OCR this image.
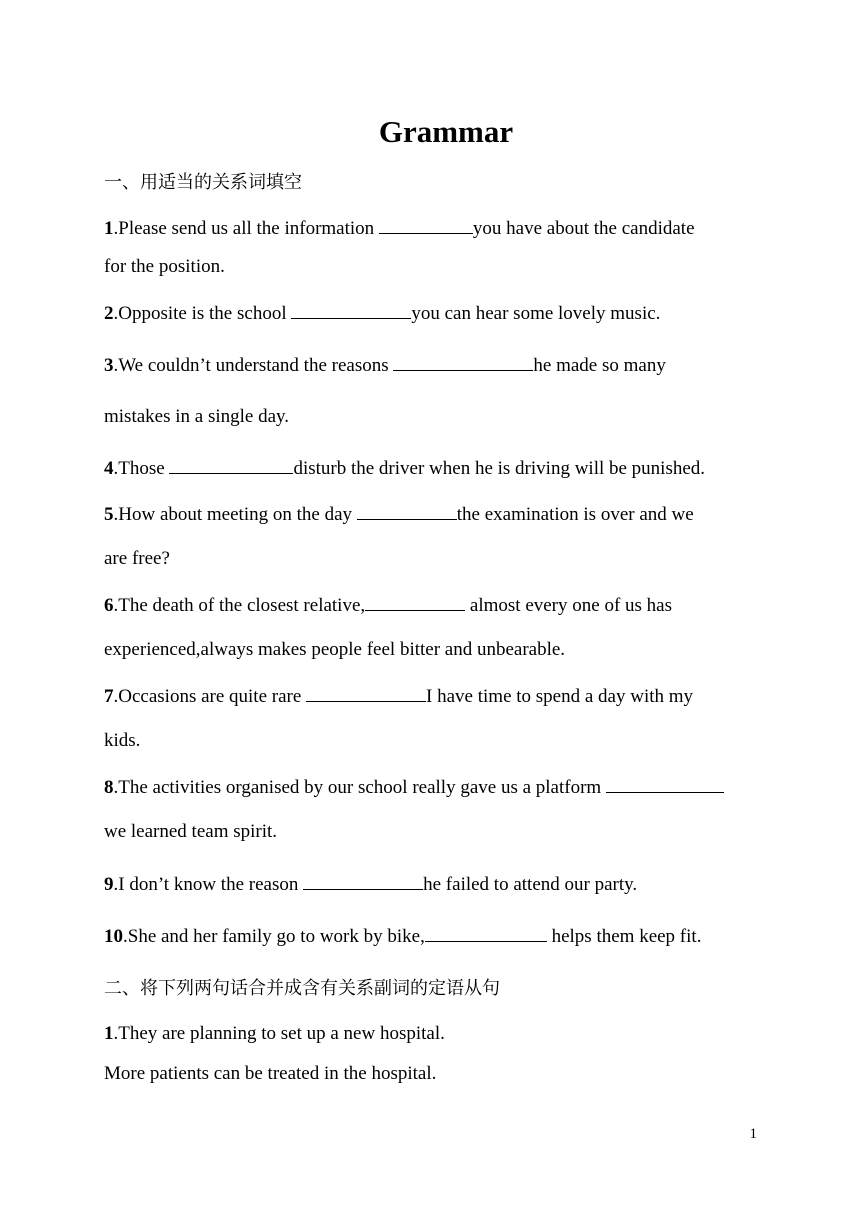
Grammar
一、用适当的关系词填空
1.Please send us all the information	you have about the candidate
for the position.
2.Opposite is the school	you can hear some lovely music.
3.We couldn’t understand the reasons	he made so many
mistakes in a single day.
4.Those	disturb the driver when he is driving will be punished.
5.How about meeting on the day	the examination is over and we
are free?
6.The death of the closest relative,	almost every one of us has
experienced,always makes people feel bitter and unbearable.
7.Occasions are quite rare	I have time to spend a day with my
kids.
8.The activities organised by our school really gave us a platform
we learned team spirit.
9.I don’t know the reason	he failed to attend our party.
10.She and her family go to work by bike,	helps them keep fit.
二、将下列两句话合并成含有关系副词的定语从句
1.They are planning to set up a new hospital.
More patients can be treated in the hospital.
1
